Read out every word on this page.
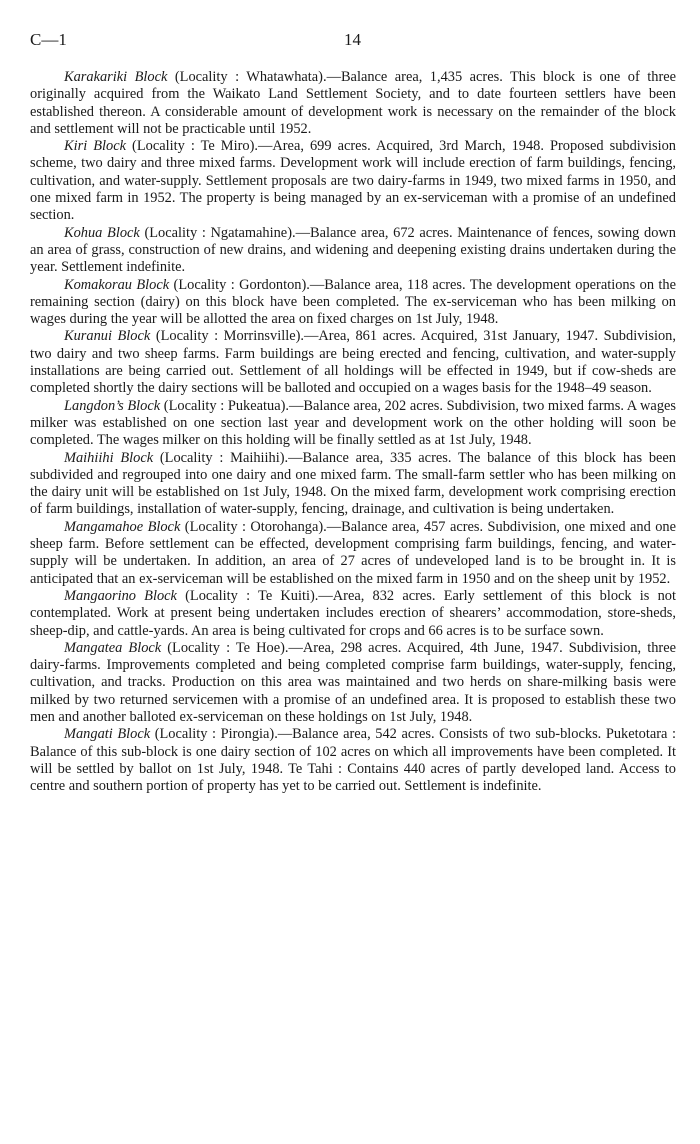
C—1	14

Karakariki Block (Locality : Whatawhata).—Balance area, 1,435 acres. This block is one of three originally acquired from the Waikato Land Settlement Society, and to date fourteen settlers have been established thereon. A considerable amount of development work is necessary on the remainder of the block and settlement will not be practicable until 1952.

Kiri Block (Locality : Te Miro).—Area, 699 acres. Acquired, 3rd March, 1948. Proposed subdivision scheme, two dairy and three mixed farms. Development work will include erection of farm buildings, fencing, cultivation, and water-supply. Settlement proposals are two dairy-farms in 1949, two mixed farms in 1950, and one mixed farm in 1952. The property is being managed by an ex-serviceman with a promise of an undefined section.

Kohua Block (Locality : Ngatamahine).—Balance area, 672 acres. Maintenance of fences, sowing down an area of grass, construction of new drains, and widening and deepening existing drains undertaken during the year. Settlement indefinite.

Komakorau Block (Locality : Gordonton).—Balance area, 118 acres. The development operations on the remaining section (dairy) on this block have been completed. The ex-serviceman who has been milking on wages during the year will be allotted the area on fixed charges on 1st July, 1948.

Kuranui Block (Locality : Morrinsville).—Area, 861 acres. Acquired, 31st January, 1947. Subdivision, two dairy and two sheep farms. Farm buildings are being erected and fencing, cultivation, and water-supply installations are being carried out. Settlement of all holdings will be effected in 1949, but if cow-sheds are completed shortly the dairy sections will be balloted and occupied on a wages basis for the 1948–49 season.

Langdon’s Block (Locality : Pukeatua).—Balance area, 202 acres. Subdivision, two mixed farms. A wages milker was established on one section last year and development work on the other holding will soon be completed. The wages milker on this holding will be finally settled as at 1st July, 1948.

Maihiihi Block (Locality : Maihiihi).—Balance area, 335 acres. The balance of this block has been subdivided and regrouped into one dairy and one mixed farm. The small-farm settler who has been milking on the dairy unit will be established on 1st July, 1948. On the mixed farm, development work comprising erection of farm buildings, installation of water-supply, fencing, drainage, and cultivation is being undertaken.

Mangamahoe Block (Locality : Otorohanga).—Balance area, 457 acres. Subdivision, one mixed and one sheep farm. Before settlement can be effected, development comprising farm buildings, fencing, and water-supply will be undertaken. In addition, an area of 27 acres of undeveloped land is to be brought in. It is anticipated that an ex-serviceman will be established on the mixed farm in 1950 and on the sheep unit by 1952.

Mangaorino Block (Locality : Te Kuiti).—Area, 832 acres. Early settlement of this block is not contemplated. Work at present being undertaken includes erection of shearers’ accommodation, store-sheds, sheep-dip, and cattle-yards. An area is being cultivated for crops and 66 acres is to be surface sown.

Mangatea Block (Locality : Te Hoe).—Area, 298 acres. Acquired, 4th June, 1947. Subdivision, three dairy-farms. Improvements completed and being completed comprise farm buildings, water-supply, fencing, cultivation, and tracks. Production on this area was maintained and two herds on share-milking basis were milked by two returned servicemen with a promise of an undefined area. It is proposed to establish these two men and another balloted ex-serviceman on these holdings on 1st July, 1948.

Mangati Block (Locality : Pirongia).—Balance area, 542 acres. Consists of two sub-blocks. Puketotara : Balance of this sub-block is one dairy section of 102 acres on which all improvements have been completed. It will be settled by ballot on 1st July, 1948. Te Tahi : Contains 440 acres of partly developed land. Access to centre and southern portion of property has yet to be carried out. Settlement is indefinite.
